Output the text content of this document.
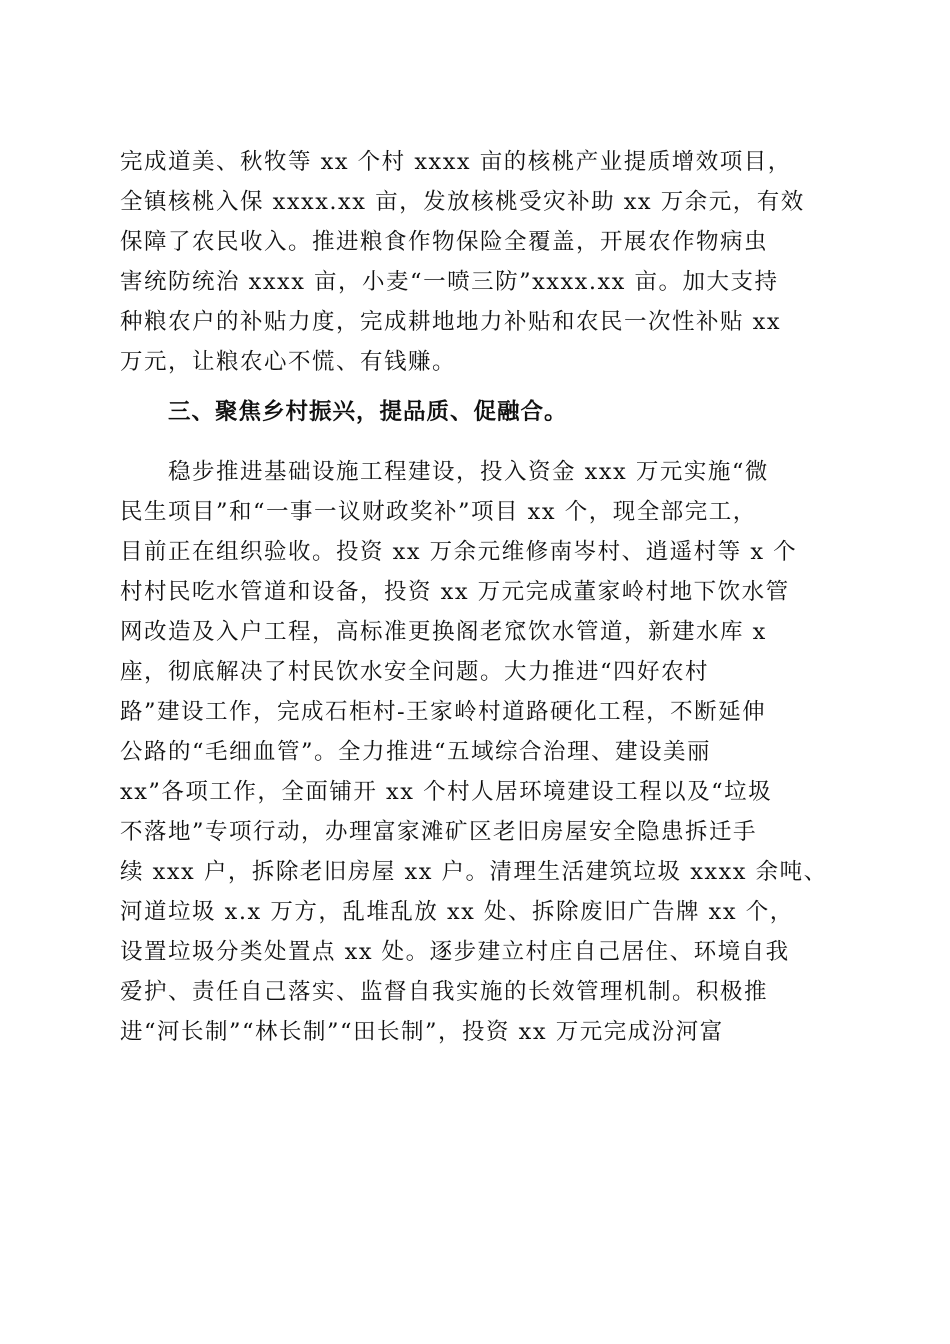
完成道美、秋牧等 xx 个村 xxxx 亩的核桃产业提质增效项目，
全镇核桃入保 xxxx.xx 亩，发放核桃受灾补助 xx 万余元，有效
保障了农民收入。推进粮食作物保险全覆盖，开展农作物病虫
害统防统治 xxxx 亩，小麦“一喷三防”xxxx.xx 亩。加大支持
种粮农户的补贴力度，完成耕地地力补贴和农民一次性补贴 xx
万元，让粮农心不慌、有钱赚。
三、聚焦乡村振兴，提品质、促融合。
稳步推进基础设施工程建设，投入资金 xxx 万元实施“微
民生项目”和“一事一议财政奖补”项目 xx 个，现全部完工，
目前正在组织验收。投资 xx 万余元维修南岑村、逍遥村等 x 个
村村民吃水管道和设备，投资 xx 万元完成董家岭村地下饮水管
网改造及入户工程，高标准更换阁老窊饮水管道，新建水库 x
座，彻底解决了村民饮水安全问题。大力推进“四好农村
路”建设工作，完成石柜村-王家岭村道路硬化工程，不断延伸
公路的“毛细血管”。全力推进“五域综合治理、建设美丽
xx”各项工作，全面铺开 xx 个村人居环境建设工程以及“垃圾
不落地”专项行动，办理富家滩矿区老旧房屋安全隐患拆迁手
续 xxx 户，拆除老旧房屋 xx 户。清理生活建筑垃圾 xxxx 余吨、
河道垃圾 x.x 万方，乱堆乱放 xx 处、拆除废旧广告牌 xx 个，
设置垃圾分类处置点 xx 处。逐步建立村庄自己居住、环境自我
爱护、责任自己落实、监督自我实施的长效管理机制。积极推
进“河长制”“林长制”“田长制”，投资 xx 万元完成汾河富
